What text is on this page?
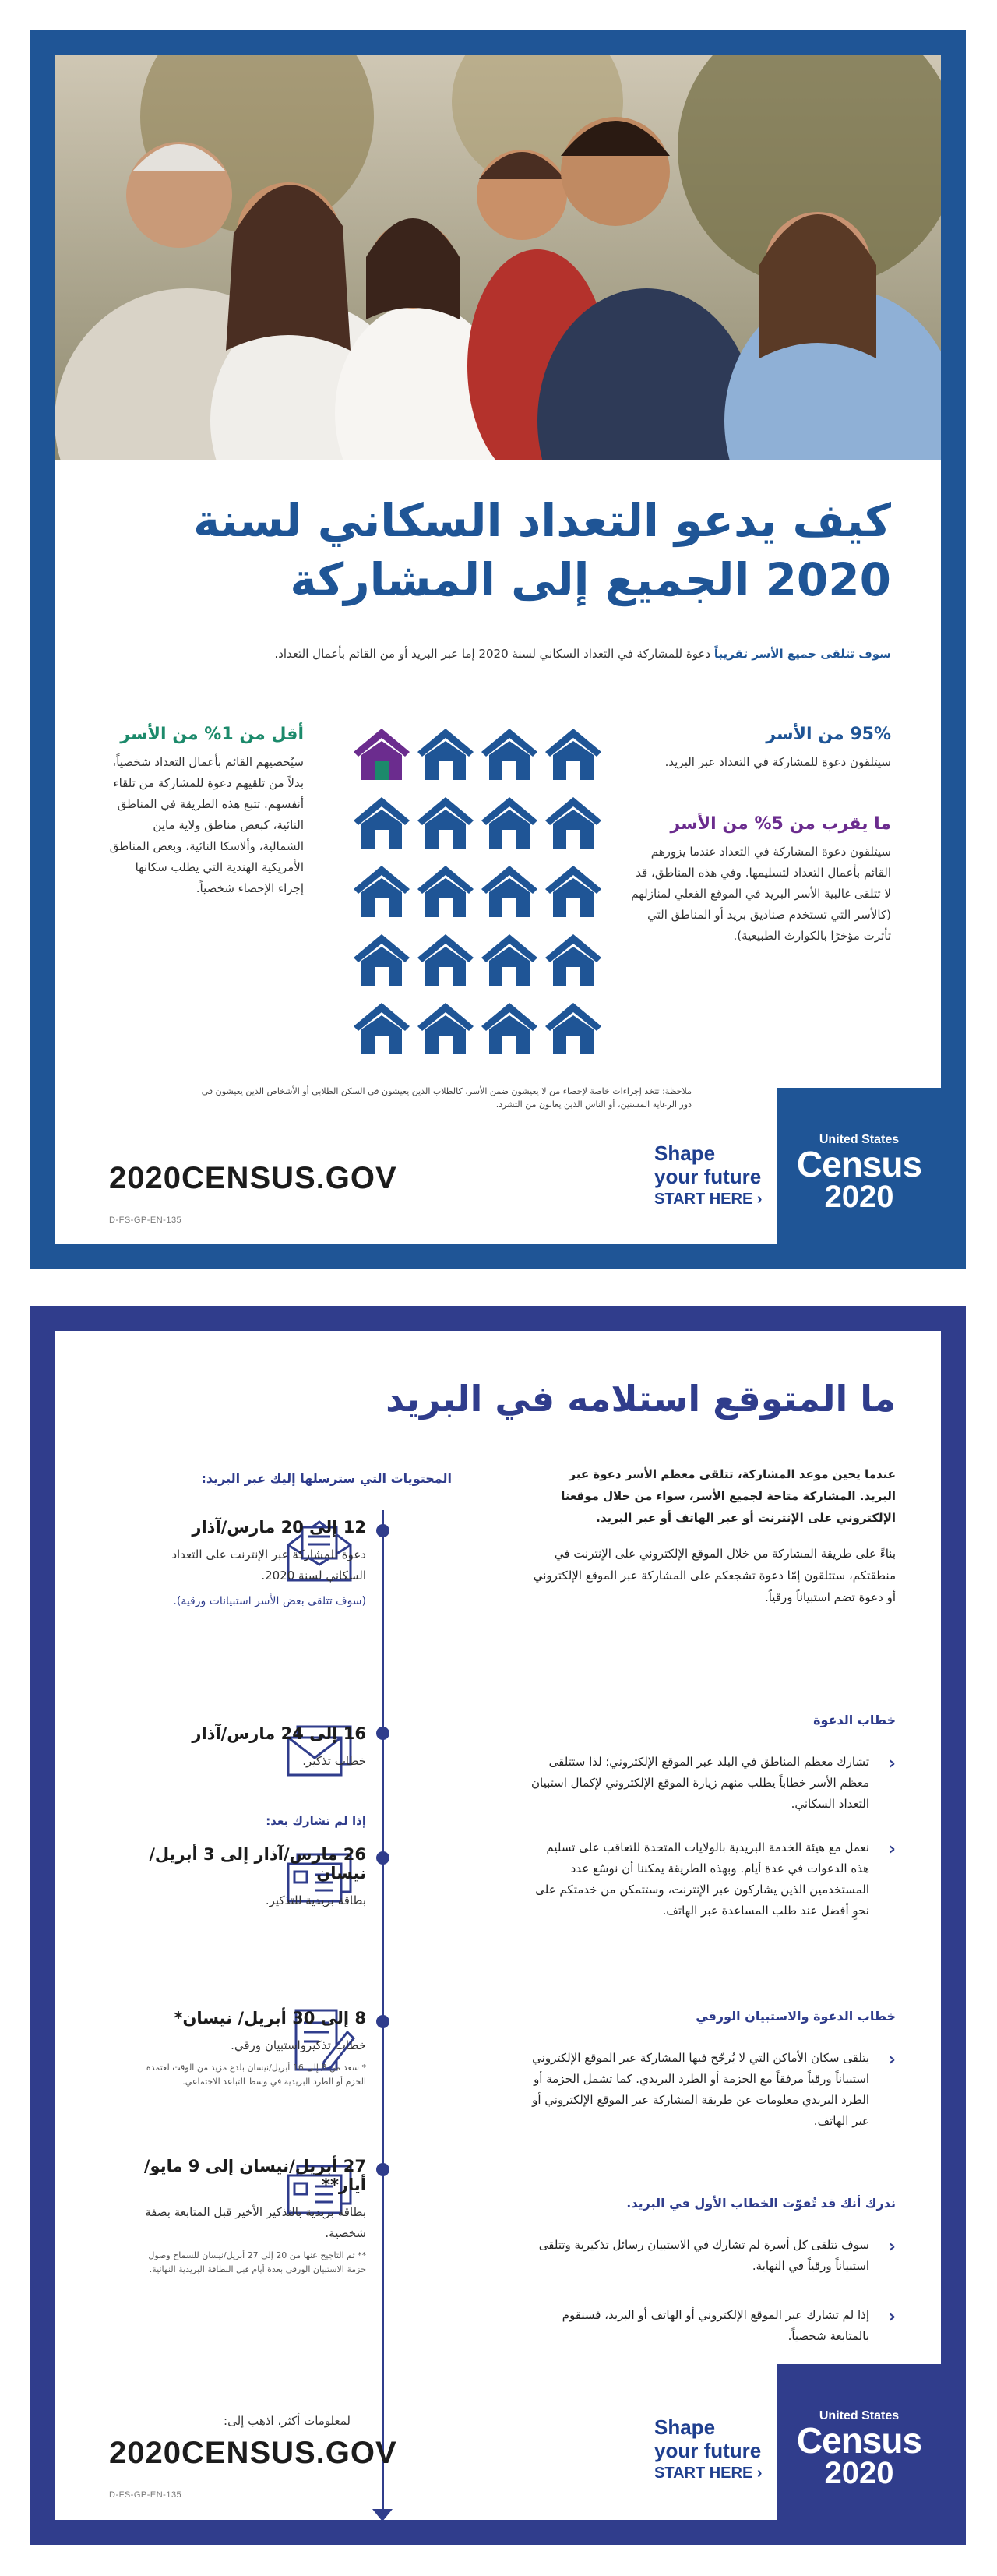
كيف يدعو التعداد السكاني لسنة 2020 الجميع إلى المشاركة

سوف تتلقى جميع الأسر تقريباً دعوة للمشاركة في التعداد السكاني لسنة 2020 إما عبر البريد أو من القائم بأعمال التعداد.

95% من الأسر

سيتلقون دعوة للمشاركة في التعداد عبر البريد.

ما يقرب من 5% من الأسر

سيتلقون دعوة المشاركة في التعداد عندما يزورهم القائم بأعمال التعداد لتسليمها. وفي هذه المناطق، قد لا تتلقى غالبية الأسر البريد في الموقع الفعلي لمنازلهم (كالأسر التي تستخدم صناديق بريد أو المناطق التي تأثرت مؤخرًا بالكوارث الطبيعية).

أقل من 1% من الأسر

سيُحصيهم القائم بأعمال التعداد شخصياً، بدلاً من تلقيهم دعوة للمشاركة من تلقاء أنفسهم. تتبع هذه الطريقة في المناطق النائية، كبعض مناطق ولاية ماين الشمالية، وألاسكا النائية، وبعض المناطق الأمريكية الهندية التي يطلب سكانها إجراء الإحصاء شخصياً.

ملاحظة: تتخذ إجراءات خاصة لإحصاء من لا يعيشون ضمن الأسر، كالطلاب الذين يعيشون في السكن الطلابي أو الأشخاص الذين يعيشون في دور الرعاية المسنين، أو الناس الذين يعانون من التشرد.

2020CENSUS.GOV
D-FS-GP-EN-135
Shape
your future
START HERE ›
United States
Census
2020
ما المتوقع استلامه في البريد

عندما يحين موعد المشاركة، تتلقى معظم الأسر دعوة عبر البريد. المشاركة متاحة لجميع الأسر، سواء من خلال موقعنا الإلكتروني على الإنترنت أو عبر الهاتف أو عبر البريد.

بناءً على طريقة المشاركة من خلال الموقع الإلكتروني على الإنترنت في منطقتكم، ستتلقون إمّا دعوة تشجعكم على المشاركة عبر الموقع الإلكتروني أو دعوة تضم استبياناً ورقياً.

خطاب الدعوة
‹
تشارك معظم المناطق في البلد عبر الموقع الإلكتروني؛ لذا ستتلقى معظم الأسر خطاباً يطلب منهم زيارة الموقع الإلكتروني لإكمال استبيان التعداد السكاني.
‹
نعمل مع هيئة الخدمة البريدية بالولايات المتحدة للتعاقب على تسليم هذه الدعوات في عدة أيام. وبهذه الطريقة يمكننا أن نوسّع عدد المستخدمين الذين يشاركون عبر الإنترنت، وستتمكن من خدمتكم على نحوٍ أفضل عند طلب المساعدة عبر الهاتف.
خطاب الدعوة والاستبيان الورقي
‹
يتلقى سكان الأماكن التي لا يُرجّح فيها المشاركة عبر الموقع الإلكتروني استبياناً ورقياً مرفقاً مع الحزمة أو الطرد البريدي. كما تشمل الحزمة أو الطرد البريدي معلومات عن طريقة المشاركة عبر الموقع الإلكتروني أو عبر الهاتف.
ندرك أنك قد تُفوّت الخطاب الأول في البريد.
‹
سوف تتلقى كل أسرة لم تشارك في الاستبيان رسائل تذكيرية وتتلقى استبياناً ورقياً في النهاية.
‹
إذا لم تشارك عبر الموقع الإلكتروني أو الهاتف أو البريد، فسنقوم بالمتابعة شخصياً.
المحتويات التي سترسلها إليك عبر البريد:
12 إلى 20 مارس/آذار

دعوة للمشاركة عبر الإنترنت على التعداد السكاني لسنة 2020.

(سوف تتلقى بعض الأسر استبيانات ورقية).

16 إلى 24 مارس/آذار

خطاب تذكير.

إذا لم تشارك بعد:
26 مارس/آذار إلى 3 أبريل/نيسان

بطاقة بريدية للتذكير.

8 إلى 30 أبريل/ نيسان*

خطاب تذكيرواستبيان ورقي.

* سعد من 8 إلى 16 أبريل/نيسان بلدع مزيد من الوقت لعتمدة الحزم أو الطرد البريدية في وسط التباعد الاجتماعي.

27 أبريل/نيسان إلى 9 مايو/أيار**

بطاقة بريدية بالتذكير الأخير قبل المتابعة بصفة شخصية.

** تم التاجيح عنها من 20 إلى 27 أبريل/نيسان للسماح وصول حزمة الاستبيان الورقي بعدة أيام قبل البطاقة البريدية النهائية.

لمعلومات أكثر، اذهب إلى:
2020CENSUS.GOV
D-FS-GP-EN-135
Shape
your future
START HERE ›
United States
Census
2020
